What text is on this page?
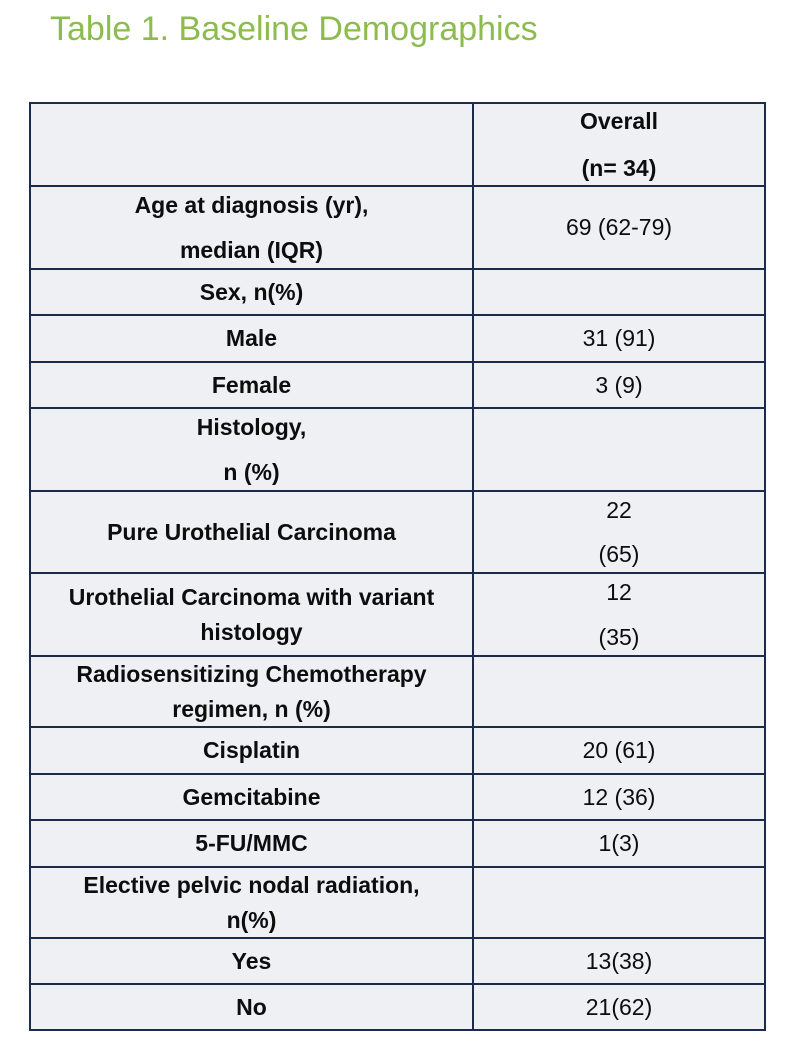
Table 1. Baseline Demographics

	Overall
(n= 34)

Age at diagnosis (yr),
median (IQR)	69 (62-79)
Sex, n(%)	
Male	31 (91)
Female	3 (9)

Histology,
n (%)	

Pure Urothelial Carcinoma	22
(65)

Urothelial Carcinoma with variant
histology	12
(35)

Radiosensitizing Chemotherapy
regimen, n (%)	

Cisplatin	20 (61)
Gemcitabine	12 (36)
5-FU/MMC	1(3)

Elective pelvic nodal radiation,
n(%)	

Yes	13(38)
No	21(62)
